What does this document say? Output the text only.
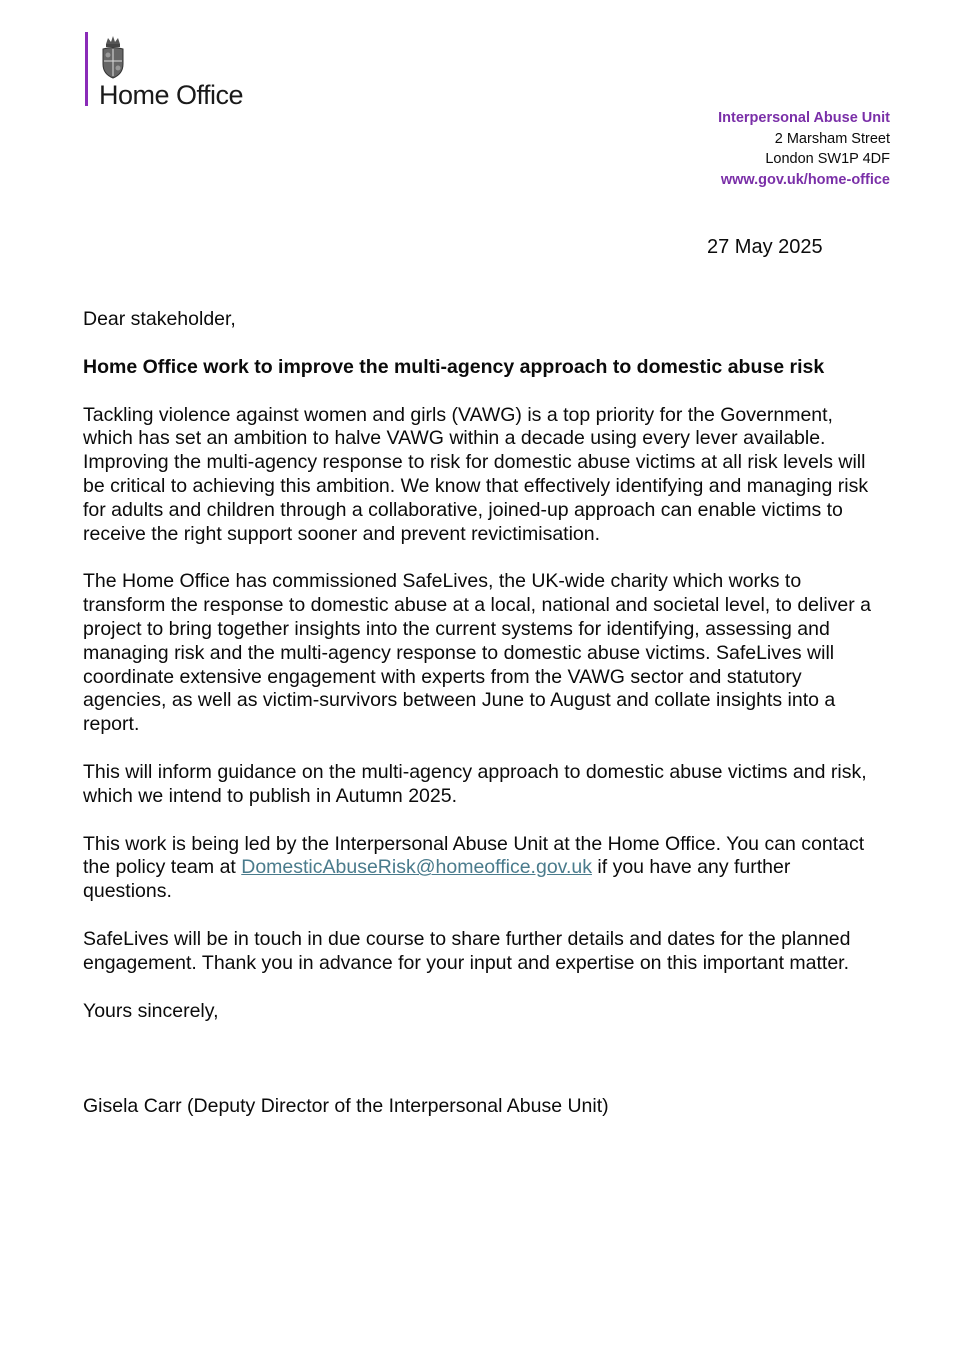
Home Office
Interpersonal Abuse Unit
2 Marsham Street
London SW1P 4DF
www.gov.uk/home-office
27 May 2025

Dear stakeholder,

Home Office work to improve the multi-agency approach to domestic abuse risk

Tackling violence against women and girls (VAWG) is a top priority for the Government, which has set an ambition to halve VAWG within a decade using every lever available. Improving the multi-agency response to risk for domestic abuse victims at all risk levels will be critical to achieving this ambition. We know that effectively identifying and managing risk for adults and children through a collaborative, joined-up approach can enable victims to receive the right support sooner and prevent revictimisation.

The Home Office has commissioned SafeLives, the UK-wide charity which works to transform the response to domestic abuse at a local, national and societal level, to deliver a project to bring together insights into the current systems for identifying, assessing and managing risk and the multi-agency response to domestic abuse victims. SafeLives will coordinate extensive engagement with experts from the VAWG sector and statutory agencies, as well as victim-survivors between June to August and collate insights into a report.

This will inform guidance on the multi-agency approach to domestic abuse victims and risk, which we intend to publish in Autumn 2025.

This work is being led by the Interpersonal Abuse Unit at the Home Office. You can contact the policy team at DomesticAbuseRisk@homeoffice.gov.uk if you have any further questions.

SafeLives will be in touch in due course to share further details and dates for the planned engagement. Thank you in advance for your input and expertise on this important matter.

Yours sincerely,

Gisela Carr (Deputy Director of the Interpersonal Abuse Unit)
